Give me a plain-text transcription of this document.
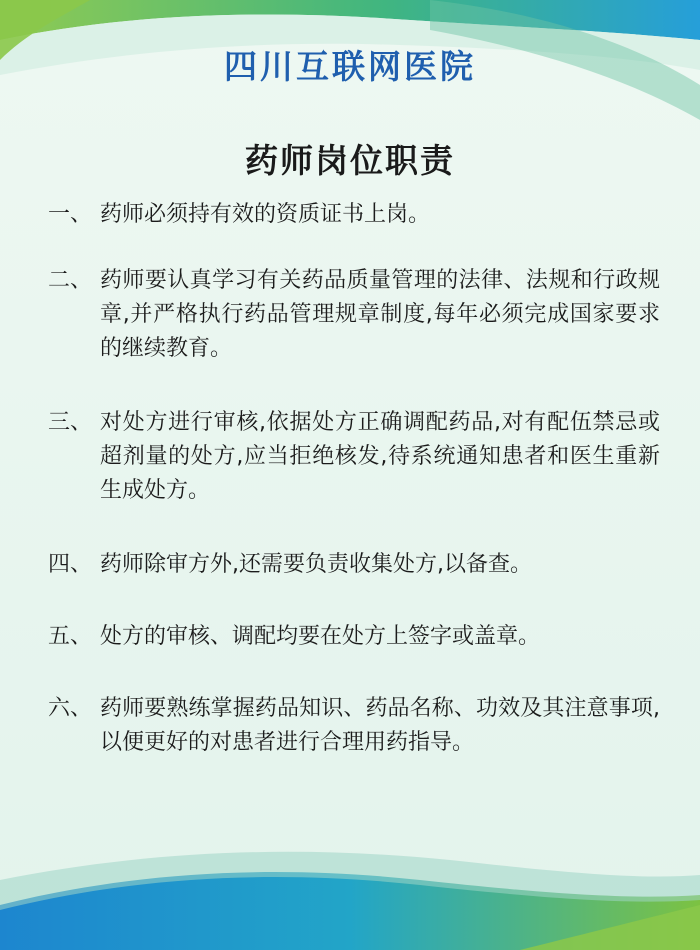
四川互联网医院
药师岗位职责
一、 药师必须持有效的资质证书上岗。
二、 药师要认真学习有关药品质量管理的法律、法规和行政规章,并严格执行药品管理规章制度,每年必须完成国家要求的继续教育。
三、 对处方进行审核,依据处方正确调配药品,对有配伍禁忌或超剂量的处方,应当拒绝核发,待系统通知患者和医生重新生成处方。
四、 药师除审方外,还需要负责收集处方,以备查。
五、 处方的审核、调配均要在处方上签字或盖章。
六、 药师要熟练掌握药品知识、药品名称、功效及其注意事项,以便更好的对患者进行合理用药指导。
